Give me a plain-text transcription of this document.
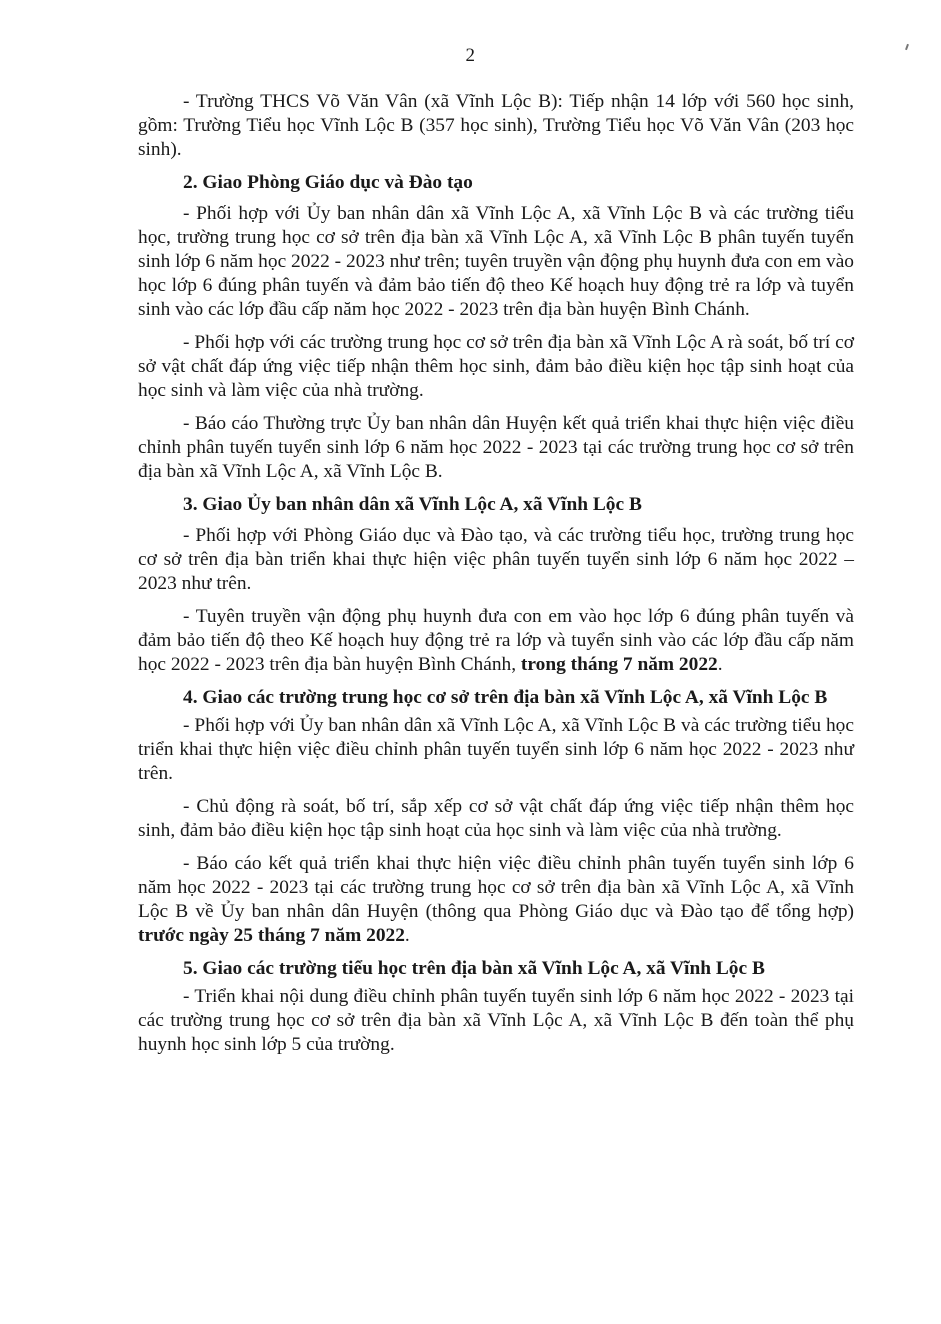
2

- Trường THCS Võ Văn Vân (xã Vĩnh Lộc B): Tiếp nhận 14 lớp với 560 học sinh, gồm: Trường Tiểu học Vĩnh Lộc B (357 học sinh), Trường Tiểu học Võ Văn Vân (203 học sinh).

2. Giao Phòng Giáo dục và Đào tạo

- Phối hợp với Ủy ban nhân dân xã Vĩnh Lộc A, xã Vĩnh Lộc B và các trường tiểu học, trường trung học cơ sở trên địa bàn xã Vĩnh Lộc A, xã Vĩnh Lộc B phân tuyến tuyển sinh lớp 6 năm học 2022 - 2023 như trên; tuyên truyền vận động phụ huynh đưa con em vào học lớp 6 đúng phân tuyến và đảm bảo tiến độ theo Kế hoạch huy động trẻ ra lớp và tuyển sinh vào các lớp đầu cấp năm học 2022 - 2023 trên địa bàn huyện Bình Chánh.

- Phối hợp với các trường trung học cơ sở trên địa bàn xã Vĩnh Lộc A rà soát, bố trí cơ sở vật chất đáp ứng việc tiếp nhận thêm học sinh, đảm bảo điều kiện học tập sinh hoạt của học sinh và làm việc của nhà trường.

- Báo cáo Thường trực Ủy ban nhân dân Huyện kết quả triển khai thực hiện việc điều chỉnh phân tuyến tuyển sinh lớp 6 năm học 2022 - 2023 tại các trường trung học cơ sở trên địa bàn xã Vĩnh Lộc A, xã Vĩnh Lộc B.

3. Giao Ủy ban nhân dân xã Vĩnh Lộc A, xã Vĩnh Lộc B

- Phối hợp với Phòng Giáo dục và Đào tạo, và các trường tiểu học, trường trung học cơ sở trên địa bàn triển khai thực hiện việc phân tuyến tuyển sinh lớp 6 năm học 2022 – 2023 như trên.

- Tuyên truyền vận động phụ huynh đưa con em vào học lớp 6 đúng phân tuyến và đảm bảo tiến độ theo Kế hoạch huy động trẻ ra lớp và tuyển sinh vào các lớp đầu cấp năm học 2022 - 2023 trên địa bàn huyện Bình Chánh, trong tháng 7 năm 2022.

4. Giao các trường trung học cơ sở trên địa bàn xã Vĩnh Lộc A, xã Vĩnh Lộc B

- Phối hợp với Ủy ban nhân dân xã Vĩnh Lộc A, xã Vĩnh Lộc B và các trường tiểu học triển khai thực hiện việc điều chỉnh phân tuyến tuyển sinh lớp 6 năm học 2022 - 2023 như trên.

- Chủ động rà soát, bố trí, sắp xếp cơ sở vật chất đáp ứng việc tiếp nhận thêm học sinh, đảm bảo điều kiện học tập sinh hoạt của học sinh và làm việc của nhà trường.

- Báo cáo kết quả triển khai thực hiện việc điều chỉnh phân tuyến tuyển sinh lớp 6 năm học 2022 - 2023 tại các trường trung học cơ sở trên địa bàn xã Vĩnh Lộc A, xã Vĩnh Lộc B về Ủy ban nhân dân Huyện (thông qua Phòng Giáo dục và Đào tạo để tổng hợp) trước ngày 25 tháng 7 năm 2022.

5. Giao các trường tiểu học trên địa bàn xã Vĩnh Lộc A, xã Vĩnh Lộc B

- Triển khai nội dung điều chỉnh phân tuyến tuyển sinh lớp 6 năm học 2022 - 2023 tại các trường trung học cơ sở trên địa bàn xã Vĩnh Lộc A, xã Vĩnh Lộc B đến toàn thể phụ huynh học sinh lớp 5 của trường.
